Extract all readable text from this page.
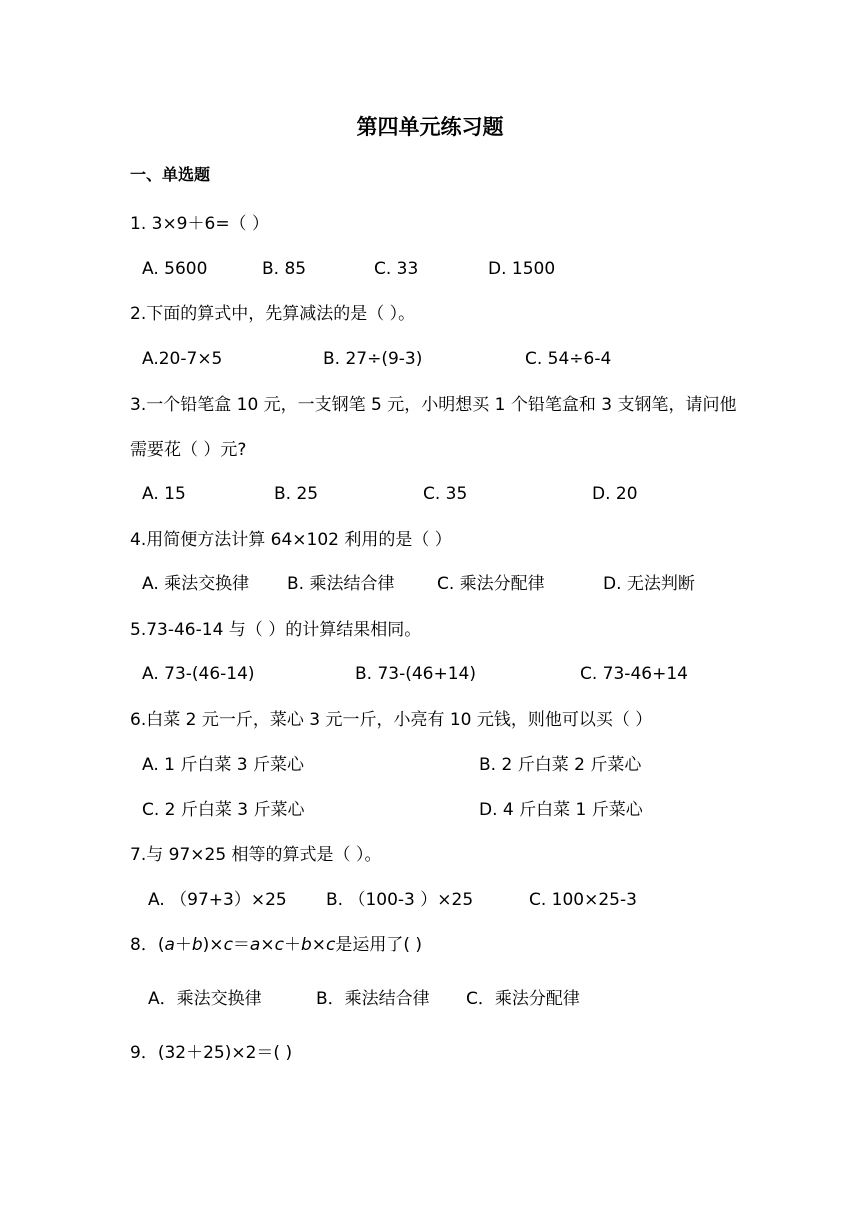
第四单元练习题
一、单选题
1. 3×9＋6=（ ）
A. 5600	B. 85	C. 33	D. 1500
2.下面的算式中，先算减法的是（ ）。
A.20-7×5	B. 27÷(9-3)	C. 54÷6-4
3.一个铅笔盒 10 元，一支钢笔 5 元，小明想买 1 个铅笔盒和 3 支钢笔，请问他
需要花（ ）元?
A. 15	B. 25	C. 35	D. 20
4.用简便方法计算 64×102 利用的是（ ）
A. 乘法交换律 B. 乘法结合律	C. 乘法分配律	D. 无法判断
5.73-46-14 与（ ）的计算结果相同。
A. 73-(46-14)	B. 73-(46+14)	C. 73-46+14
6.白菜 2 元一斤，菜心 3 元一斤，小亮有 10 元钱，则他可以买（ ）
A. 1 斤白菜 3 斤菜心	B. 2 斤白菜 2 斤菜心
C. 2 斤白菜 3 斤菜心	D. 4 斤白菜 1 斤菜心
7.与 97×25 相等的算式是（ ）。
A. （97+3）×25 B. （100-3 ）×25	C. 100×25-3
8．(a＋b)×c＝a×c＋b×c是运用了( )
A．乘法交换律	B．乘法结合律 C．乘法分配律
9．(32＋25)×2＝( )
